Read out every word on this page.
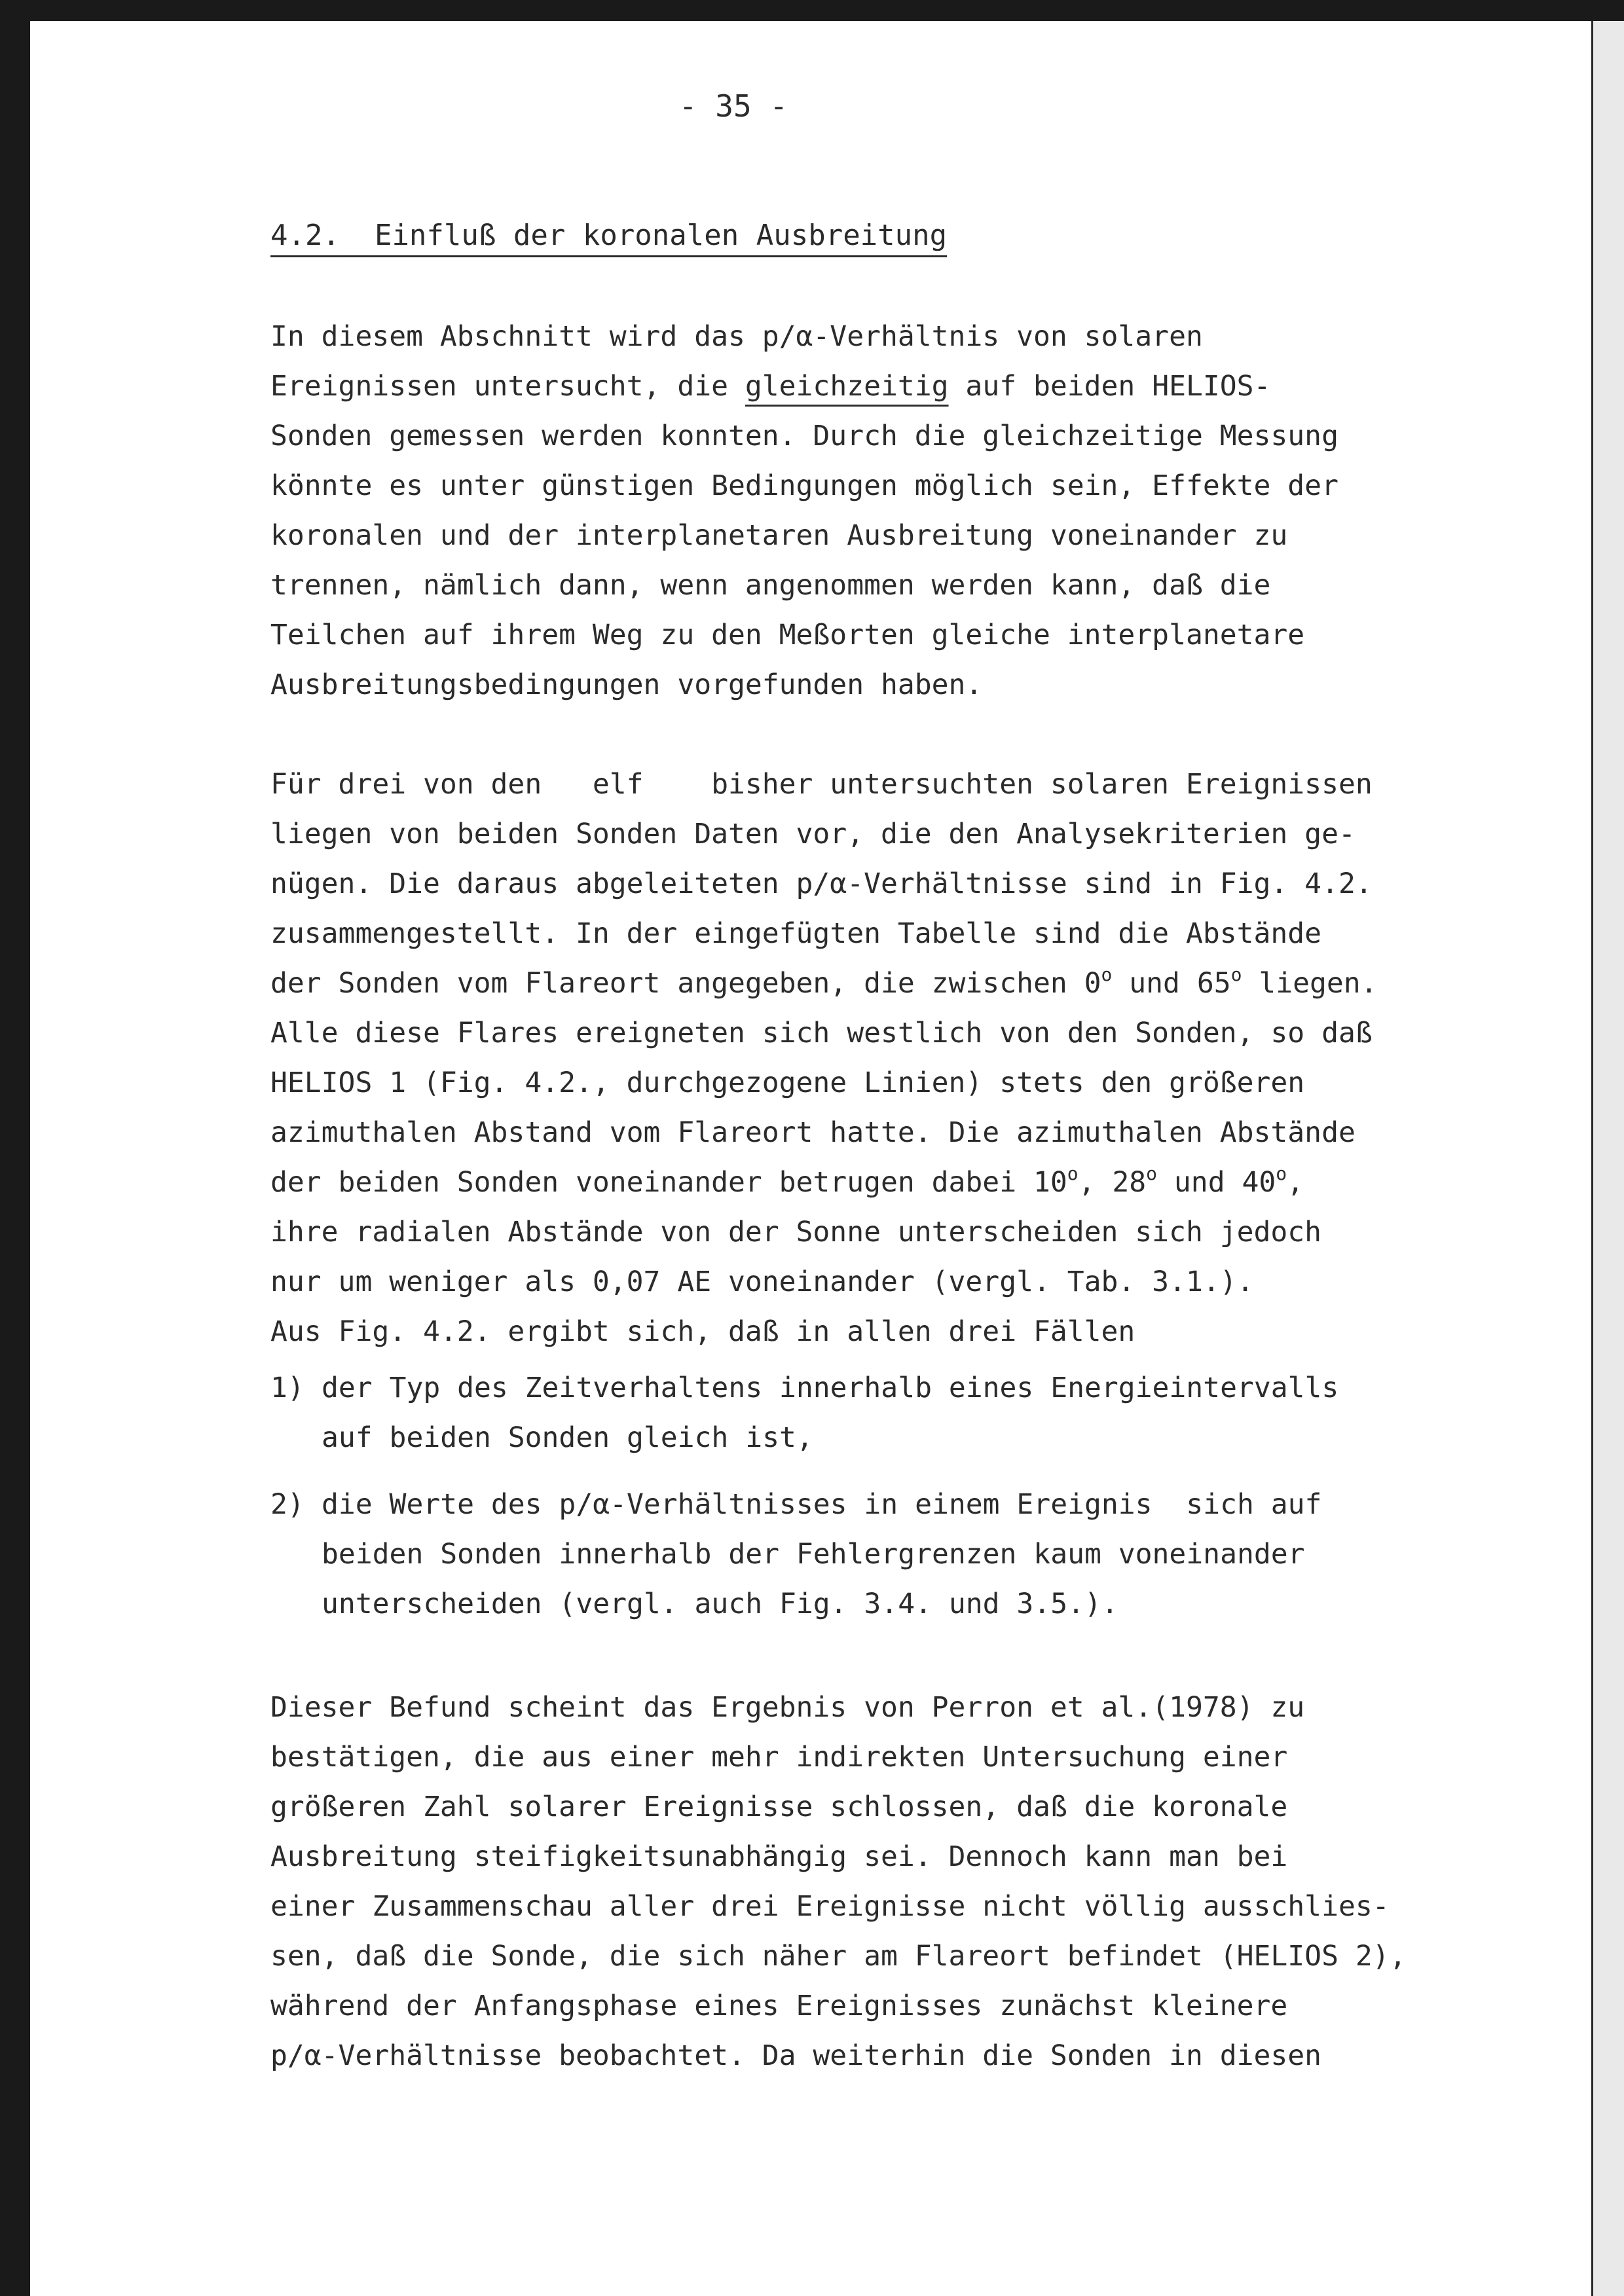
- 35 -
4.2. Einfluß der koronalen Ausbreitung
In diesem Abschnitt wird das p/α-Verhältnis von solaren
Ereignissen untersucht, die gleichzeitig auf beiden HELIOS-
Sonden gemessen werden konnten. Durch die gleichzeitige Messung
könnte es unter günstigen Bedingungen möglich sein, Effekte der
koronalen und der interplanetaren Ausbreitung voneinander zu
trennen, nämlich dann, wenn angenommen werden kann, daß die
Teilchen auf ihrem Weg zu den Meßorten gleiche interplanetare
Ausbreitungsbedingungen vorgefunden haben.
Für drei von den   elf    bisher untersuchten solaren Ereignissen
liegen von beiden Sonden Daten vor, die den Analysekriterien ge-
nügen. Die daraus abgeleiteten p/α-Verhältnisse sind in Fig. 4.2.
zusammengestellt. In der eingefügten Tabelle sind die Abstände
der Sonden vom Flareort angegeben, die zwischen 0$^o$ und 65$^o$ liegen.
Alle diese Flares ereigneten sich westlich von den Sonden, so daß
HELIOS 1 (Fig. 4.2., durchgezogene Linien) stets den größeren
azimuthalen Abstand vom Flareort hatte. Die azimuthalen Abstände
der beiden Sonden voneinander betrugen dabei 10$^o$, 28$^o$ und 40$^o$,
ihre radialen Abstände von der Sonne unterscheiden sich jedoch
nur um weniger als 0,07 AE voneinander (vergl. Tab. 3.1.).
Aus Fig. 4.2. ergibt sich, daß in allen drei Fällen
1) der Typ des Zeitverhaltens innerhalb eines Energieintervalls
auf beiden Sonden gleich ist,
2) die Werte des p/α-Verhältnisses in einem Ereignis  sich auf
beiden Sonden innerhalb der Fehlergrenzen kaum voneinander
unterscheiden (vergl. auch Fig. 3.4. und 3.5.).
Dieser Befund scheint das Ergebnis von Perron et al.(1978) zu
bestätigen, die aus einer mehr indirekten Untersuchung einer
größeren Zahl solarer Ereignisse schlossen, daß die koronale
Ausbreitung steifigkeitsunabhängig sei. Dennoch kann man bei
einer Zusammenschau aller drei Ereignisse nicht völlig ausschlies-
sen, daß die Sonde, die sich näher am Flareort befindet (HELIOS 2),
während der Anfangsphase eines Ereignisses zunächst kleinere
p/α-Verhältnisse beobachtet. Da weiterhin die Sonden in diesen
